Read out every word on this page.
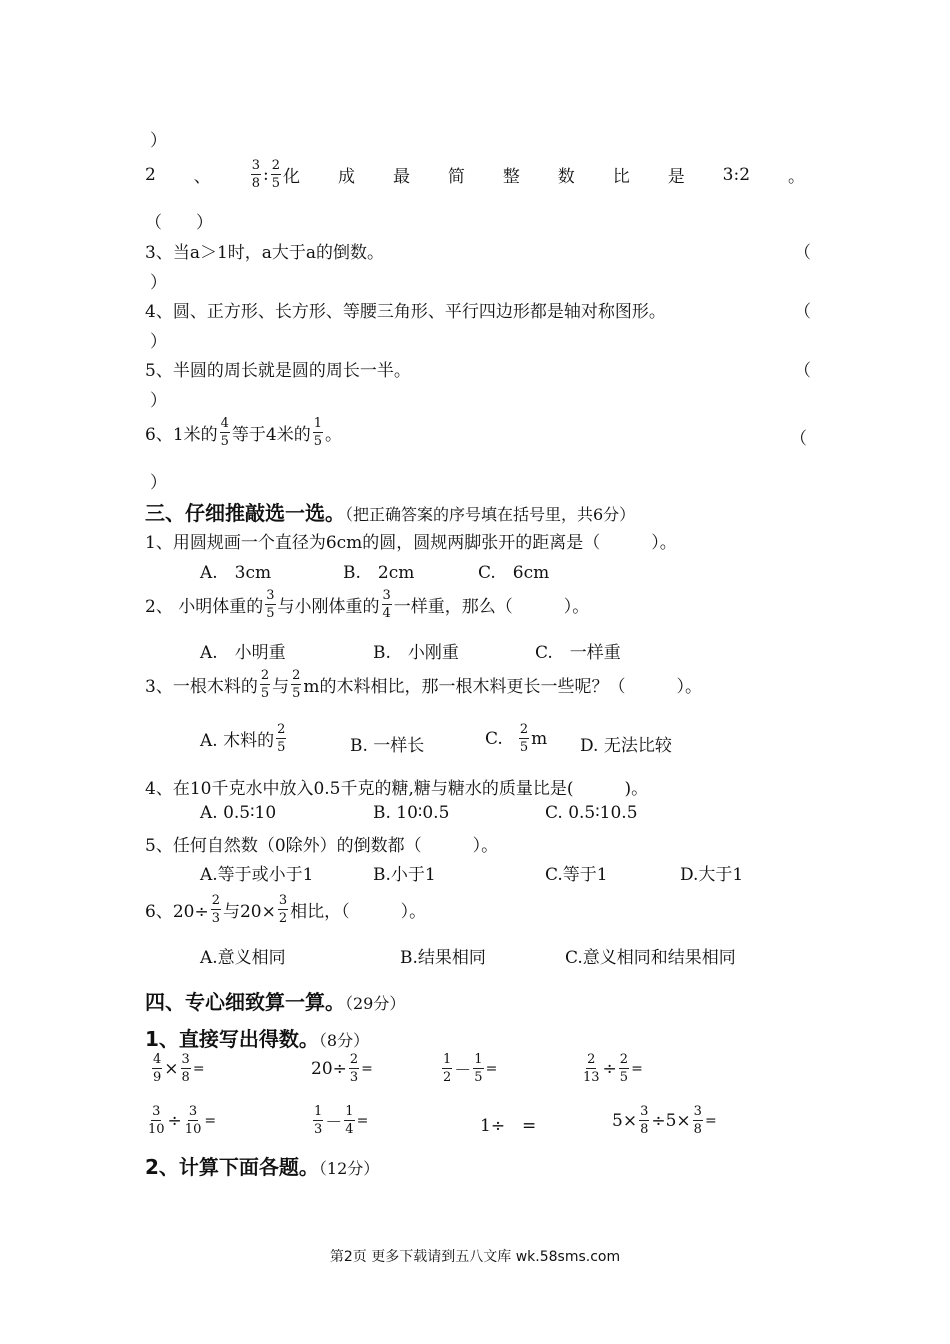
）
2 、	$\frac{3}{8}$ : $\frac{2}{5}$ 化 成 最 简 整 数 比 是 3:2 。
（　　）
3、当a＞1时，a大于a的倒数。	（
）
4、圆、正方形、长方形、等腰三角形、平行四边形都是轴对称图形。	（
）
5、半圆的周长就是圆的周长一半。	（
）
6、1米的 $\frac{4}{5}$ 等于4米的 $\frac{1}{5}$ 。	（
）
三、仔细推敲选一选。（把正确答案的序号填在括号里，共6分）
1、用圆规画一个直径为6cm的圆，圆规两脚张开的距离是（　　　）。
A.　3cm	B.　2cm	C.　6cm
2、 小明体重的 $\frac{3}{5}$ 与小刚体重的 $\frac{3}{4}$ 一样重，那么（　　　）。
A.　小明重	B.　小刚重	C.　一样重
3、一根木料的 $\frac{2}{5}$ 与 $\frac{2}{5}$ m的木料相比，那一根木料更长一些呢？（　　　）。
A. 木料的 $\frac{2}{5}$	B. 一样长	C. $\frac{2}{5}$ m D. 无法比较
4、在10千克水中放入0.5千克的糖,糖与糖水的质量比是(　　　)。
A. 0.5∶10	B. 10∶0.5	C. 0.5∶10.5
5、任何自然数（0除外）的倒数都（　　　）。
A.等于或小于1	B.小于1	C.等于1	D.大于1
6、$20\div \frac{2}{3}$ 与$20\times \frac{3}{2}$ 相比，（　　　）。
A.意义相同	B.结果相同	C.意义相同和结果相同
四、专心细致算一算。（29分）
1、直接写出得数。（8分）
$\frac{4}{9} \times \frac{3}{8}$ =	$20\div \frac{2}{3}$ =	$\frac{1}{2} - \frac{1}{5}$ =	$\frac{2}{13} \div \frac{2}{5}$ =
$\frac{3}{10} \div \frac{3}{10}$ =	$\frac{1}{3} - \frac{1}{4}$ =	1÷　=	$5\times \frac{3}{8} \div 5\times \frac{3}{8}$ =
2、计算下面各题。（12分）
第2页 更多下载请到五八文库 wk.58sms.com
